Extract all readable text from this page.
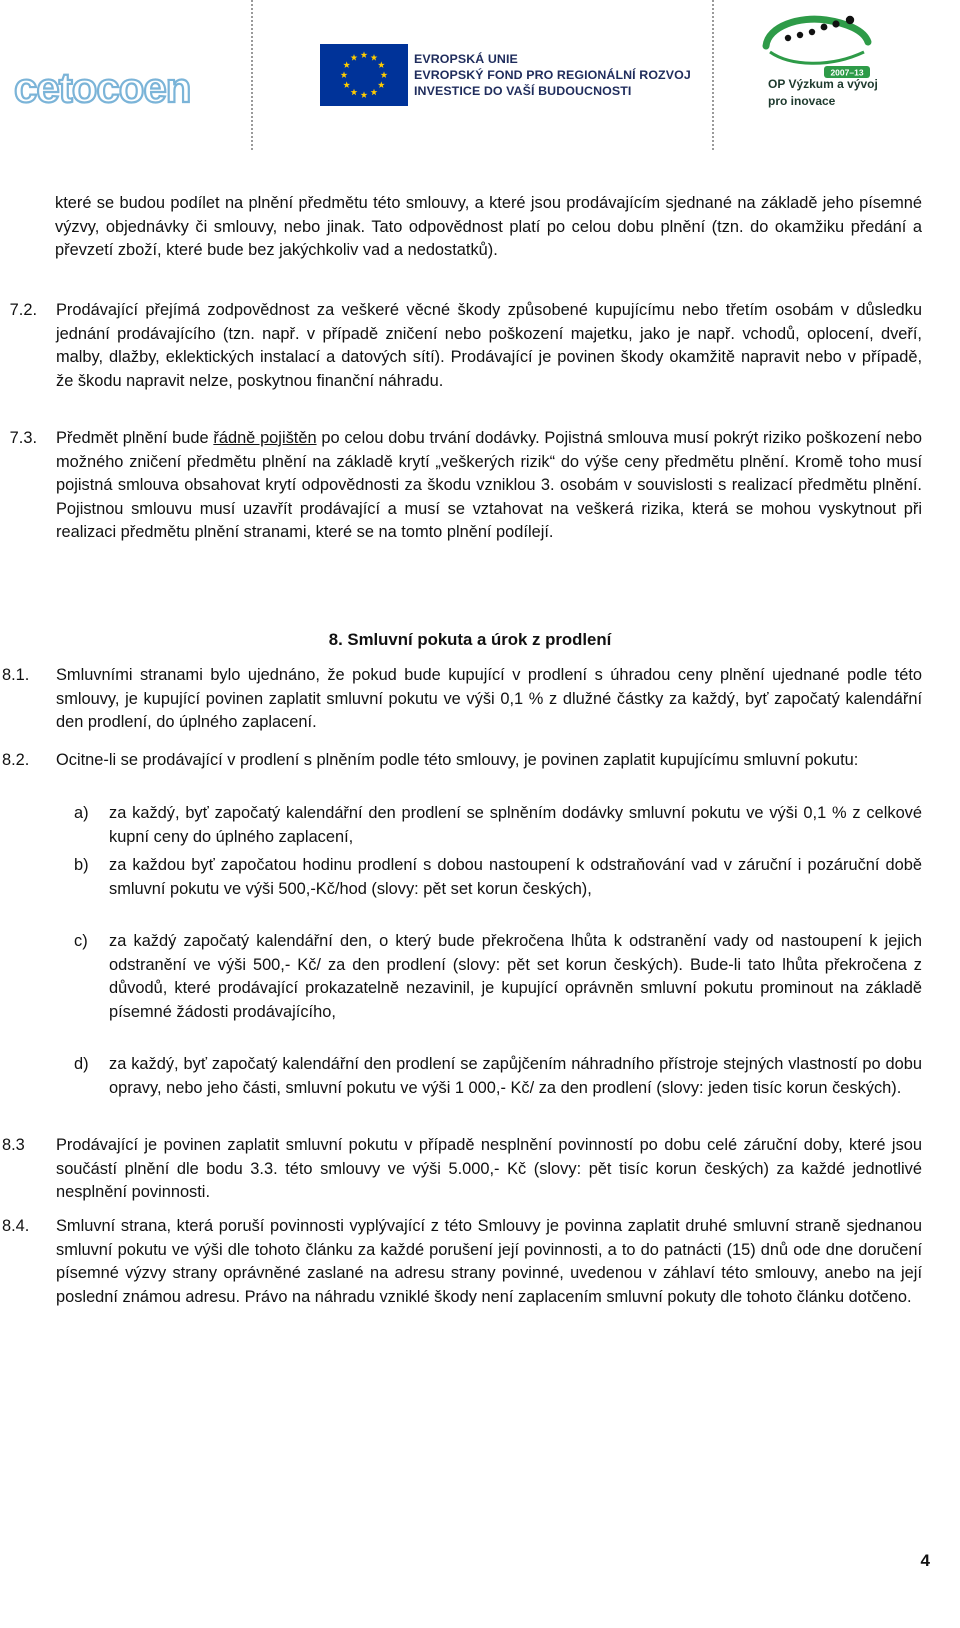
cetocoen
EVROPSKÁ UNIE
EVROPSKÝ FOND PRO REGIONÁLNÍ ROZVOJ
INVESTICE DO VAŠÍ BUDOUCNOSTI
2007–13
OP Výzkum a vývoj
pro inovace

které se budou podílet na plnění předmětu této smlouvy, a které jsou prodávajícím sjednané na základě jeho písemné výzvy, objednávky či smlouvy, nebo jinak. Tato odpovědnost platí po celou dobu plnění (tzn. do okamžiku předání a převzetí zboží, které bude bez jakýchkoliv vad a nedostatků).

7.2.	Prodávající přejímá zodpovědnost za veškeré věcné škody způsobené kupujícímu nebo třetím osobám v důsledku jednání prodávajícího (tzn. např. v případě zničení nebo poškození majetku, jako je např. vchodů, oplocení, dveří, malby, dlažby, eklektických instalací a datových sítí). Prodávající je povinen škody okamžitě napravit nebo v případě, že škodu napravit nelze, poskytnou finanční náhradu.

7.3.	Předmět plnění bude řádně pojištěn po celou dobu trvání dodávky. Pojistná smlouva musí pokrýt riziko poškození nebo možného zničení předmětu plnění na základě krytí „veškerých rizik“ do výše ceny předmětu plnění. Kromě toho musí pojistná smlouva obsahovat krytí odpovědnosti za škodu vzniklou 3. osobám v souvislosti s realizací předmětu plnění. Pojistnou smlouvu musí uzavřít prodávající a musí se vztahovat na veškerá rizika, která se mohou vyskytnout při realizaci předmětu plnění stranami, které se na tomto plnění podílejí.

8. Smluvní pokuta a úrok z prodlení
8.1.	Smluvními stranami bylo ujednáno, že pokud bude kupující v prodlení s úhradou ceny plnění ujednané podle této smlouvy, je kupující povinen zaplatit smluvní pokutu ve výši 0,1 % z dlužné částky za každý, byť započatý kalendářní den prodlení, do úplného zaplacení.

8.2.	Ocitne-li se prodávající v prodlení s plněním podle této smlouvy, je povinen zaplatit kupujícímu smluvní pokutu:

a) za každý, byť započatý kalendářní den prodlení se splněním dodávky smluvní pokutu ve výši 0,1 % z celkové kupní ceny do úplného zaplacení,

b) za každou byť započatou hodinu prodlení s dobou nastoupení k odstraňování vad v záruční i pozáruční době smluvní pokutu ve výši 500,-Kč/hod (slovy: pět set korun českých),

c) za každý započatý kalendářní den, o který bude překročena lhůta k odstranění vady od nastoupení k jejich odstranění ve výši 500,- Kč/ za den prodlení (slovy: pět set korun českých). Bude-li tato lhůta překročena z důvodů, které prodávající prokazatelně nezavinil, je kupující oprávněn smluvní pokutu prominout na základě písemné žádosti prodávajícího,

d) za každý, byť započatý kalendářní den prodlení se zapůjčením náhradního přístroje stejných vlastností po dobu opravy, nebo jeho části, smluvní pokutu ve výši 1 000,- Kč/ za den prodlení (slovy: jeden tisíc korun českých).

8.3	Prodávající je povinen zaplatit smluvní pokutu v případě nesplnění povinností po dobu celé záruční doby, které jsou součástí plnění dle bodu 3.3. této smlouvy ve výši 5.000,- Kč (slovy: pět tisíc korun českých) za každé jednotlivé nesplnění povinnosti.

8.4.	Smluvní strana, která poruší povinnosti vyplývající z této Smlouvy je povinna zaplatit druhé smluvní straně sjednanou smluvní pokutu ve výši dle tohoto článku za každé porušení její povinnosti, a to do patnácti (15) dnů ode dne doručení písemné výzvy strany oprávněné zaslané na adresu strany povinné, uvedenou v záhlaví této smlouvy, anebo na její poslední známou adresu. Právo na náhradu vzniklé škody není zaplacením smluvní pokuty dle tohoto článku dotčeno.

4
